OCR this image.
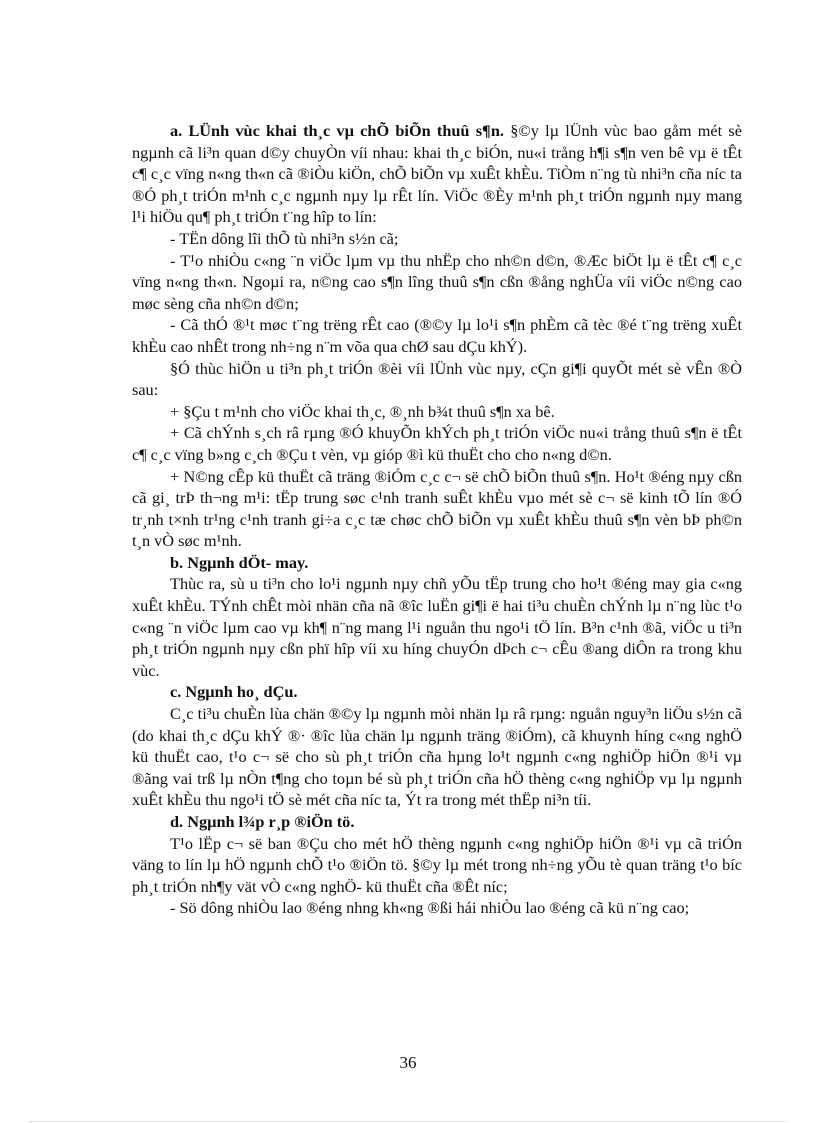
a. LÜnh vùc khai th¸c vµ chÕ biÕn thuû s¶n. §©y lµ lÜnh vùc bao gåm mét sè ngµnh cã li³n quan d©y chuyÒn víi nhau: khai th¸c biÓn, nu«i trång h¶i s¶n ven bê vµ ë tÊt c¶ c¸c vïng n«ng th«n cã ®iÒu kiÖn, chÕ biÕn vµ xuÊt khÈu. TiÒm n¨ng tù nhi³n cña níc ta ®Ó ph¸t triÓn m¹nh c¸c ngµnh nµy lµ rÊt lín. ViÖc ®Èy m¹nh ph¸t triÓn ngµnh nµy mang l¹i hiÖu qu¶ ph¸t triÓn t¨ng hîp to lín:

- TËn dông lîi thÕ tù nhi³n s½n cã;

- T¹o nhiÒu c«ng ¨n viÖc lµm vµ thu nhËp cho nh©n d©n, ®Æc biÖt lµ ë tÊt c¶ c¸c vïng n«ng th«n. Ngoµi ra, n©ng cao s¶n lîng thuû s¶n cßn ®ång nghÜa víi viÖc n©ng cao møc sèng cña nh©n d©n;

- Cã thÓ ®¹t møc t¨ng trëng rÊt cao (®©y lµ lo¹i s¶n phÈm cã tèc ®é t¨ng trëng xuÊt khÈu cao nhÊt trong nh÷ng n¨m võa qua chØ sau dÇu khÝ).

§Ó thùc hiÖn u ti³n ph¸t triÓn ®èi víi lÜnh vùc nµy, cÇn gi¶i quyÕt mét sè vÊn ®Ò sau:

+ §Çu t m¹nh cho viÖc khai th¸c, ®¸nh b¾t thuû s¶n xa bê.

+ Cã chÝnh s¸ch râ rµng ®Ó khuyÕn khÝch ph¸t triÓn viÖc nu«i trång thuû s¶n ë tÊt c¶ c¸c vïng b»ng c¸ch ®Çu t vèn, vµ gióp ®ì kü thuËt cho cho n«ng d©n.

+ N©ng cÊp kü thuËt cã träng ®iÓm c¸c c¬ së chÕ biÕn thuû s¶n. Ho¹t ®éng nµy cßn cã gi¸ trÞ th¬ng m¹i: tËp trung søc c¹nh tranh suÊt khÈu vµo mét sè c¬ së kinh tÕ lín ®Ó tr¸nh t×nh tr¹ng c¹nh tranh gi÷a c¸c tæ chøc chÕ biÕn vµ xuÊt khÈu thuû s¶n vèn bÞ ph©n t¸n vÒ søc m¹nh.

b. Ngµnh dÖt- may.

Thùc ra, sù u ti³n cho lo¹i ngµnh nµy chñ yÕu tËp trung cho ho¹t ®éng may gia c«ng xuÊt khÈu. TÝnh chÊt mòi nhän cña nã ®îc luËn gi¶i ë hai ti³u chuÈn chÝnh lµ n¨ng lùc t¹o c«ng ¨n viÖc lµm cao vµ kh¶ n¨ng mang l¹i nguån thu ngo¹i tÖ lín. B³n c¹nh ®ã, viÖc u ti³n ph¸t triÓn ngµnh nµy cßn phï hîp víi xu híng chuyÓn dÞch c¬ cÊu ®ang diÔn ra trong khu vùc.

c. Ngµnh ho¸ dÇu.

C¸c ti³u chuÈn lùa chän ®©y lµ ngµnh mòi nhän lµ râ rµng: nguån nguy³n liÖu s½n cã (do khai th¸c dÇu khÝ ®· ®îc lùa chän lµ ngµnh träng ®iÓm), cã khuynh híng c«ng nghÖ kü thuËt cao, t¹o c¬ së cho sù ph¸t triÓn cña hµng lo¹t ngµnh c«ng nghiÖp hiÖn ®¹i vµ ®ãng vai trß lµ nÒn t¶ng cho toµn bé sù ph¸t triÓn cña hÖ thèng c«ng nghiÖp vµ lµ ngµnh xuÊt khÈu thu ngo¹i tÖ sè mét cña níc ta, Ýt ra trong mét thËp ni³n tíi.

d. Ngµnh l¾p r¸p ®iÖn tö.

T¹o lËp c¬ së ban ®Çu cho mét hÖ thèng ngµnh c«ng nghiÖp hiÖn ®¹i vµ cã triÓn väng to lín lµ hÖ ngµnh chÕ t¹o ®iÖn tö. §©y lµ mét trong nh÷ng yÕu tè quan träng t¹o bíc ph¸t triÓn nh¶y vät vÒ c«ng nghÖ- kü thuËt cña ®Êt níc;

- Sö dông nhiÒu lao ®éng nhng kh«ng ®ßi hái nhiÒu lao ®éng cã kü n¨ng cao;

36
